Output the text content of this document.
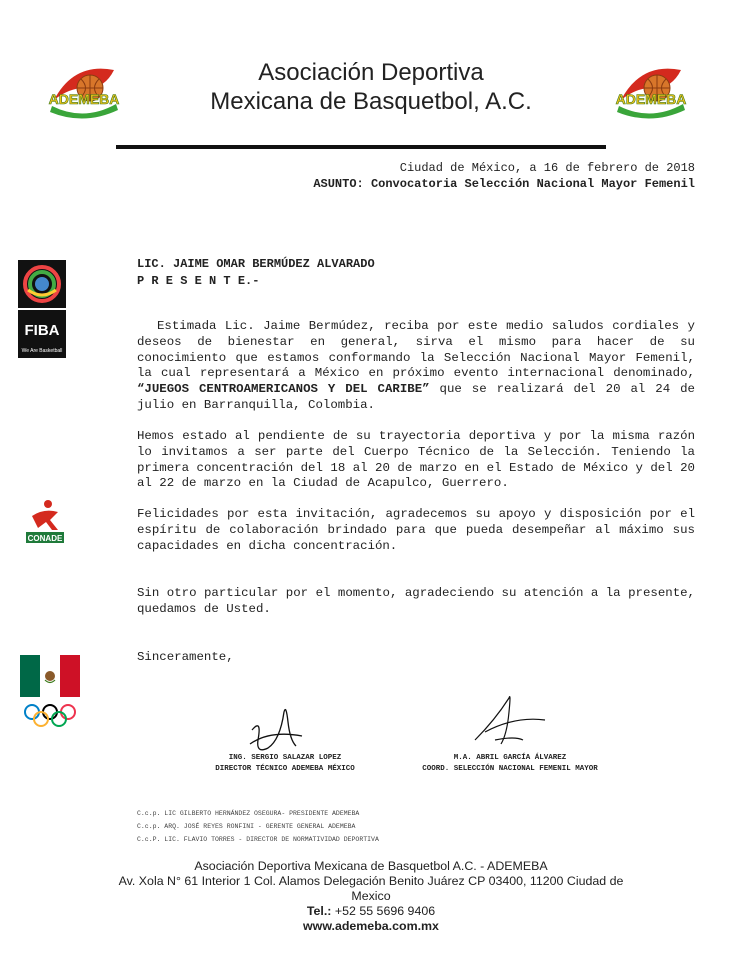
Asociación Deportiva
Mexicana de Basquetbol, A.C.
ADEMEBA	ADEMEBA
FIBA
We Are Basketball
CONADE
Ciudad de México, a 16 de febrero de 2018
ASUNTO: Convocatoria Selección Nacional Mayor Femenil
LIC. JAIME OMAR BERMÚDEZ ALVARADO
P R E S E N T E.-
Estimada Lic. Jaime Bermúdez, reciba por este medio saludos cordiales y deseos de bienestar en general, sirva el mismo para hacer de su conocimiento que estamos conformando la Selección Nacional Mayor Femenil, la cual representará a México en próximo evento internacional denominado, “JUEGOS CENTROAMERICANOS Y DEL CARIBE” que se realizará del 20 al 24 de julio en Barranquilla, Colombia.
Hemos estado al pendiente de su trayectoria deportiva y por la misma razón lo invitamos a ser parte del Cuerpo Técnico de la Selección. Teniendo la primera concentración del 18 al 20 de marzo en el Estado de México y del 20 al 22 de marzo en la Ciudad de Acapulco, Guerrero.
Felicidades por esta invitación, agradecemos su apoyo y disposición por el espíritu de colaboración brindado para que pueda desempeñar al máximo sus capacidades en dicha concentración.
Sin otro particular por el momento, agradeciendo su atención a la presente, quedamos de Usted.
Sinceramente,
ING. SERGIO SALAZAR LOPEZ
DIRECTOR TÉCNICO ADEMEBA MÉXICO
M.A. ABRIL GARCÍA ÁLVAREZ
COORD. SELECCIÓN NACIONAL FEMENIL MAYOR
C.c.p. LIC GILBERTO HERNÁNDEZ OSEGURA- PRESIDENTE ADEMEBA
C.c.p. ARQ. JOSÉ REYES RONFINI - GERENTE GENERAL ADEMEBA
C.c.P. LIC. FLAVIO TORRES - DIRECTOR DE NORMATIVIDAD DEPORTIVA
Asociación Deportiva Mexicana de Basquetbol A.C. - ADEMEBA
Av. Xola N° 61 Interior 1 Col. Alamos Delegación Benito Juárez CP 03400, 11200 Ciudad de Mexico
Tel.: +52 55 5696 9406
www.ademeba.com.mx
